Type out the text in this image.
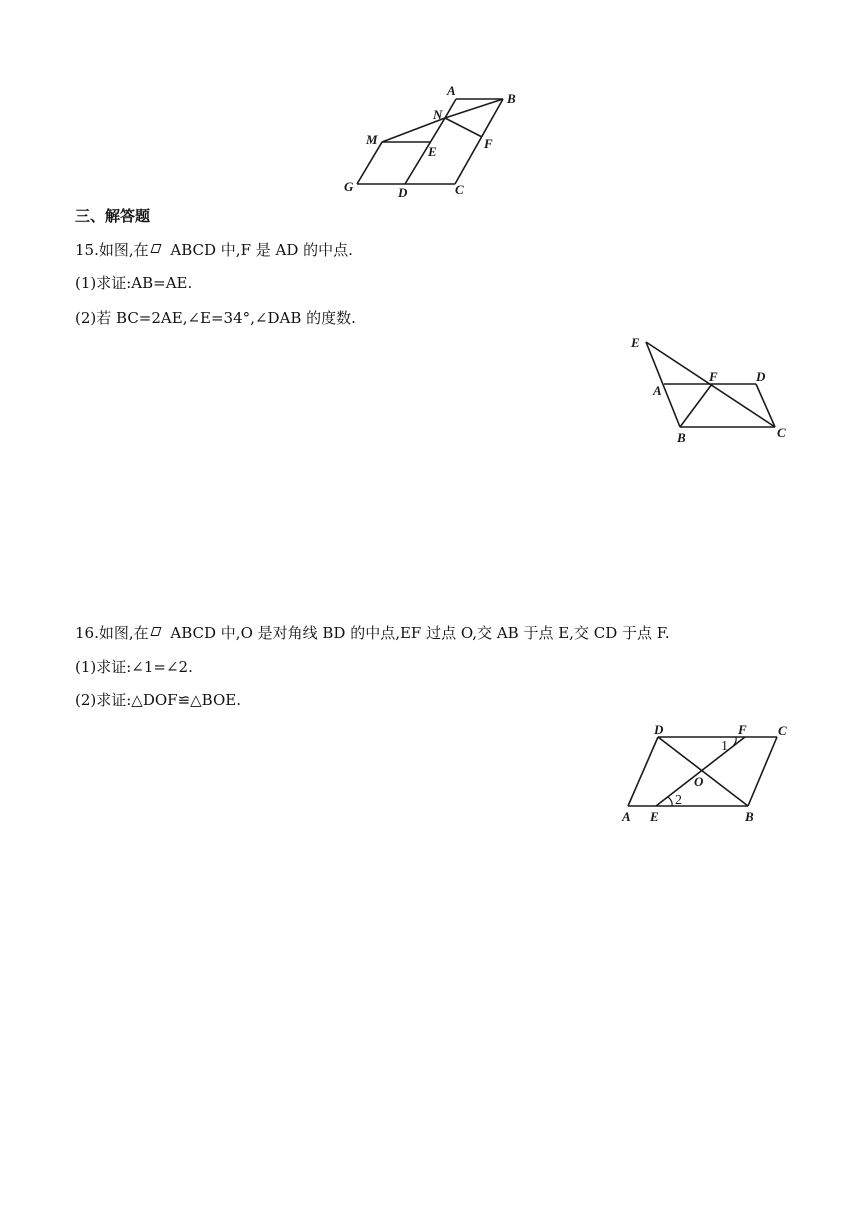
A
B
N
M
E
F
G	D	C
三、解答题
15.如图,在 ABCD 中,F 是 AD 的中点.
(1)求证:AB=AE.
(2)若 BC=2AE,∠E=34°,∠DAB 的度数.
E
A
F	D
B	C
16.如图,在 ABCD 中,O 是对角线 BD 的中点,EF 过点 O,交 AB 于点 E,交 CD 于点 F.
(1)求证:∠1=∠2.
(2)求证:△DOF≌△BOE.
D	F C
O
A E	B
1
2
